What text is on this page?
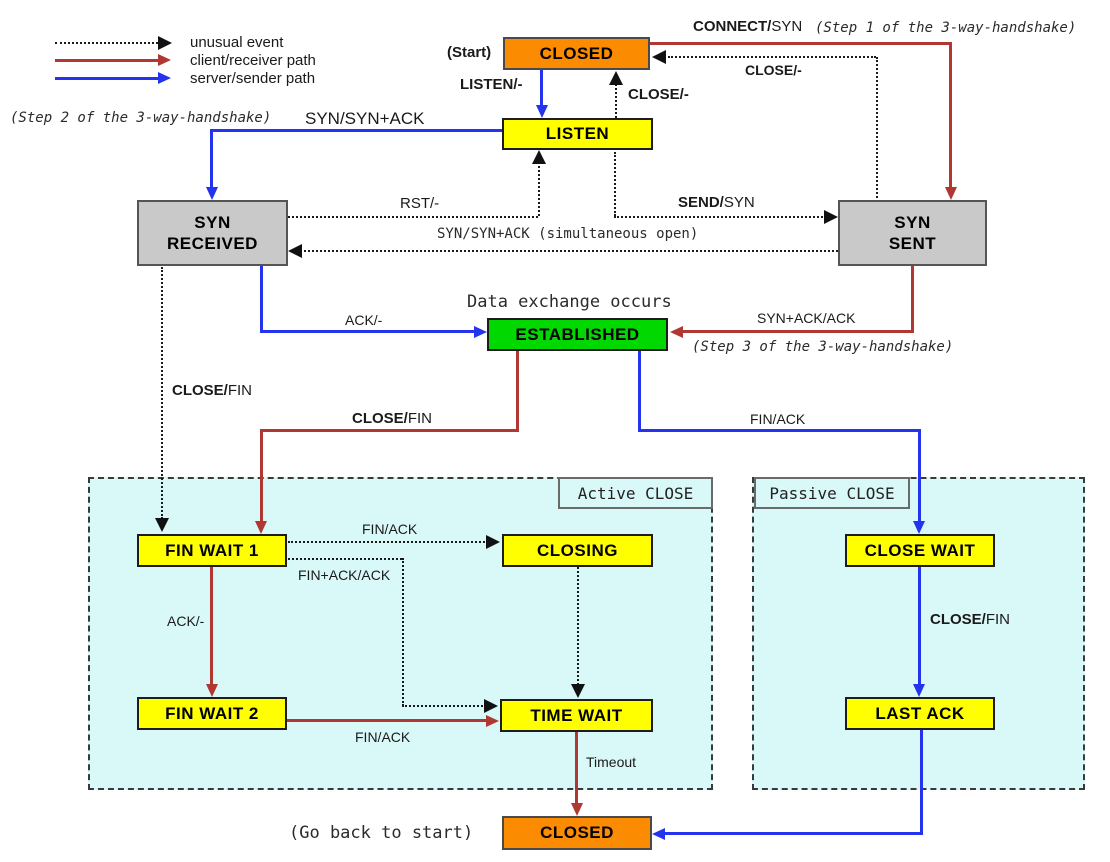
Active CLOSE	Passive CLOSE
unusual event
client/receiver path
server/sender path
CONNECT/SYN (Step 1 of the 3-way-handshake)
CLOSE/-
LISTEN/-
CLOSE/-
(Step 2 of the 3-way-handshake) SYN/SYN+ACK
RST/-	SEND/SYN
SYN/SYN+ACK (simultaneous open)
ACK/-	SYN+ACK/ACK
(Step 3 of the 3-way-handshake)
CLOSE/FIN
CLOSE/FIN	FIN/ACK
FIN/ACK
FIN+ACK/ACK
ACK/-
FIN/ACK
CLOSE/FIN
Timeout
CLOSED
LISTEN
SYN
RECEIVED
SYN
SENT
ESTABLISHED
FIN WAIT 1	CLOSING	CLOSE WAIT
FIN WAIT 2	TIME WAIT	LAST ACK
CLOSED
(Start)
Data exchange occurs
(Go back to start)
